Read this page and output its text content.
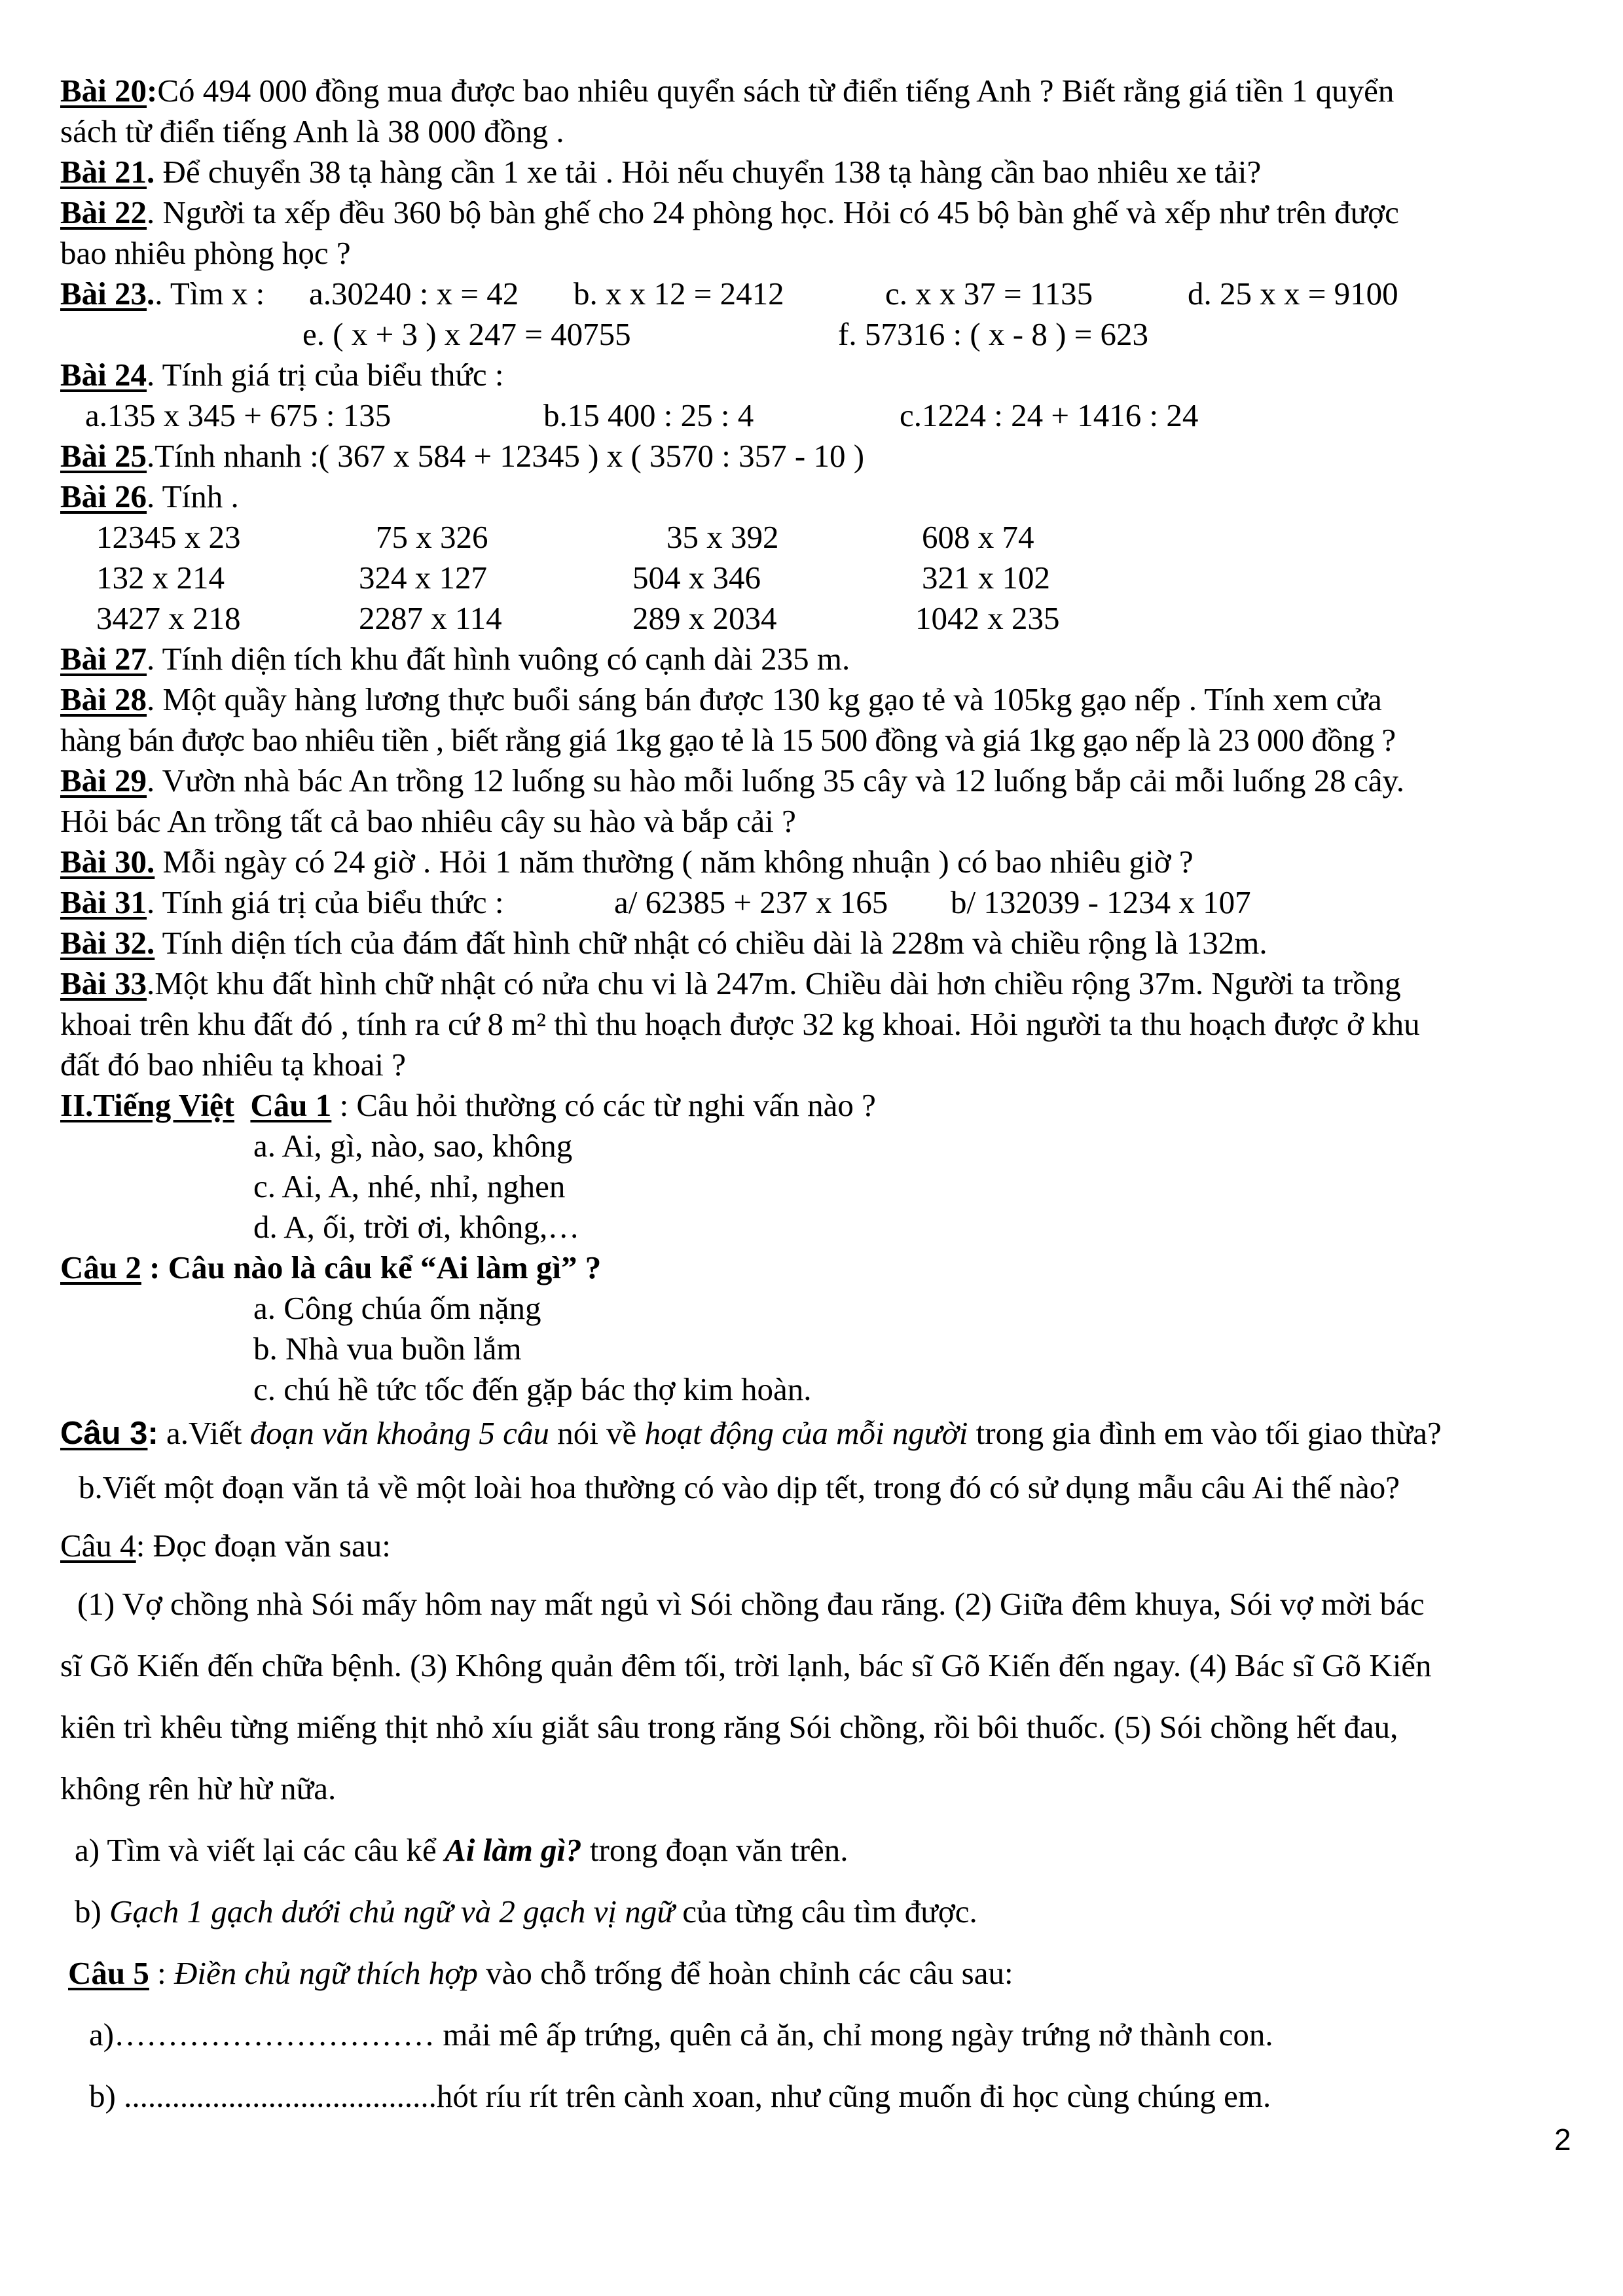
Bài 20:Có 494 000 đồng mua được bao nhiêu quyển sách từ điển tiếng Anh ? Biết rằng giá tiền 1 quyển
sách từ điển tiếng Anh là 38 000 đồng .
Bài 21. Để chuyển 38 tạ hàng cần 1 xe tải . Hỏi nếu chuyển 138 tạ hàng cần bao nhiêu xe tải?
Bài 22. Người ta xếp đều 360 bộ bàn ghế cho 24 phòng học. Hỏi có 45 bộ bàn ghế và xếp như trên được
bao nhiêu phòng học ?
Bài 23.. Tìm x : a.30240 : x = 42 b. x x 12 = 2412	c. x x 37 = 1135	d. 25 x x = 9100
e. ( x + 3 ) x 247 = 40755	f. 57316 : ( x - 8 ) = 623
Bài 24. Tính giá trị của biểu thức :
a.135 x 345 + 675 : 135	b.15 400 : 25 : 4	c.1224 : 24 + 1416 : 24
Bài 25.Tính nhanh :( 367 x 584 + 12345 ) x ( 3570 : 357 - 10 )
Bài 26. Tính .
12345 x 23	75 x 326	35 x 392	608 x 74
132 x 214	324 x 127	504 x 346	321 x 102
3427 x 218	2287 x 114	289 x 2034	1042 x 235
Bài 27. Tính diện tích khu đất hình vuông có cạnh dài 235 m.
Bài 28. Một quầy hàng lương thực buổi sáng bán được 130 kg gạo tẻ và 105kg gạo nếp . Tính xem cửa
hàng bán được bao nhiêu tiền , biết rằng giá 1kg gạo tẻ là 15 500 đồng và giá 1kg gạo nếp là 23 000 đồng ?
Bài 29. Vườn nhà bác An trồng 12 luống su hào mỗi luống 35 cây và 12 luống bắp cải mỗi luống 28 cây.
Hỏi bác An trồng tất cả bao nhiêu cây su hào và bắp cải ?
Bài 30. Mỗi ngày có 24 giờ . Hỏi 1 năm thường ( năm không nhuận ) có bao nhiêu giờ ?
Bài 31. Tính giá trị của biểu thức :	a/ 62385 + 237 x 165 b/ 132039 - 1234 x 107
Bài 32. Tính diện tích của đám đất hình chữ nhật có chiều dài là 228m và chiều rộng là 132m.
Bài 33.Một khu đất hình chữ nhật có nửa chu vi là 247m. Chiều dài hơn chiều rộng 37m. Người ta trồng
khoai trên khu đất đó , tính ra cứ 8 m² thì thu hoạch được 32 kg khoai. Hỏi người ta thu hoạch được ở khu
đất đó bao nhiêu tạ khoai ?
II.Tiếng Việt Câu 1 : Câu hỏi thường có các từ nghi vấn nào ?
a. Ai, gì, nào, sao, không
c. Ai, A, nhé, nhỉ, nghen
d. A, ối, trời ơi, không,…
Câu 2 : Câu nào là câu kể “Ai làm gì” ?
a. Công chúa ốm nặng
b. Nhà vua buồn lắm
c. chú hề tức tốc đến gặp bác thợ kim hoàn.
Câu 3: a.Viết đoạn văn khoảng 5 câu nói về hoạt động của mỗi người trong gia đình em vào tối giao thừa?
b.Viết một đoạn văn tả về một loài hoa thường có vào dịp tết, trong đó có sử dụng mẫu câu Ai thế nào?
Câu 4: Đọc đoạn văn sau:
(1) Vợ chồng nhà Sói mấy hôm nay mất ngủ vì Sói chồng đau răng. (2) Giữa đêm khuya, Sói vợ mời bác
sĩ Gõ Kiến đến chữa bệnh. (3) Không quản đêm tối, trời lạnh, bác sĩ Gõ Kiến đến ngay. (4) Bác sĩ Gõ Kiến
kiên trì khêu từng miếng thịt nhỏ xíu giắt sâu trong răng Sói chồng, rồi bôi thuốc. (5) Sói chồng hết đau,
không rên hừ hừ nữa.
a) Tìm và viết lại các câu kể Ai làm gì? trong đoạn văn trên.
b) Gạch 1 gạch dưới chủ ngữ và 2 gạch vị ngữ của từng câu tìm được.
Câu 5 : Điền chủ ngữ thích hợp vào chỗ trống để hoàn chỉnh các câu sau:
a)………………………… mải mê ấp trứng, quên cả ăn, chỉ mong ngày trứng nở thành con.
b) .......................................hót ríu rít trên cành xoan, như cũng muốn đi học cùng chúng em.
2
